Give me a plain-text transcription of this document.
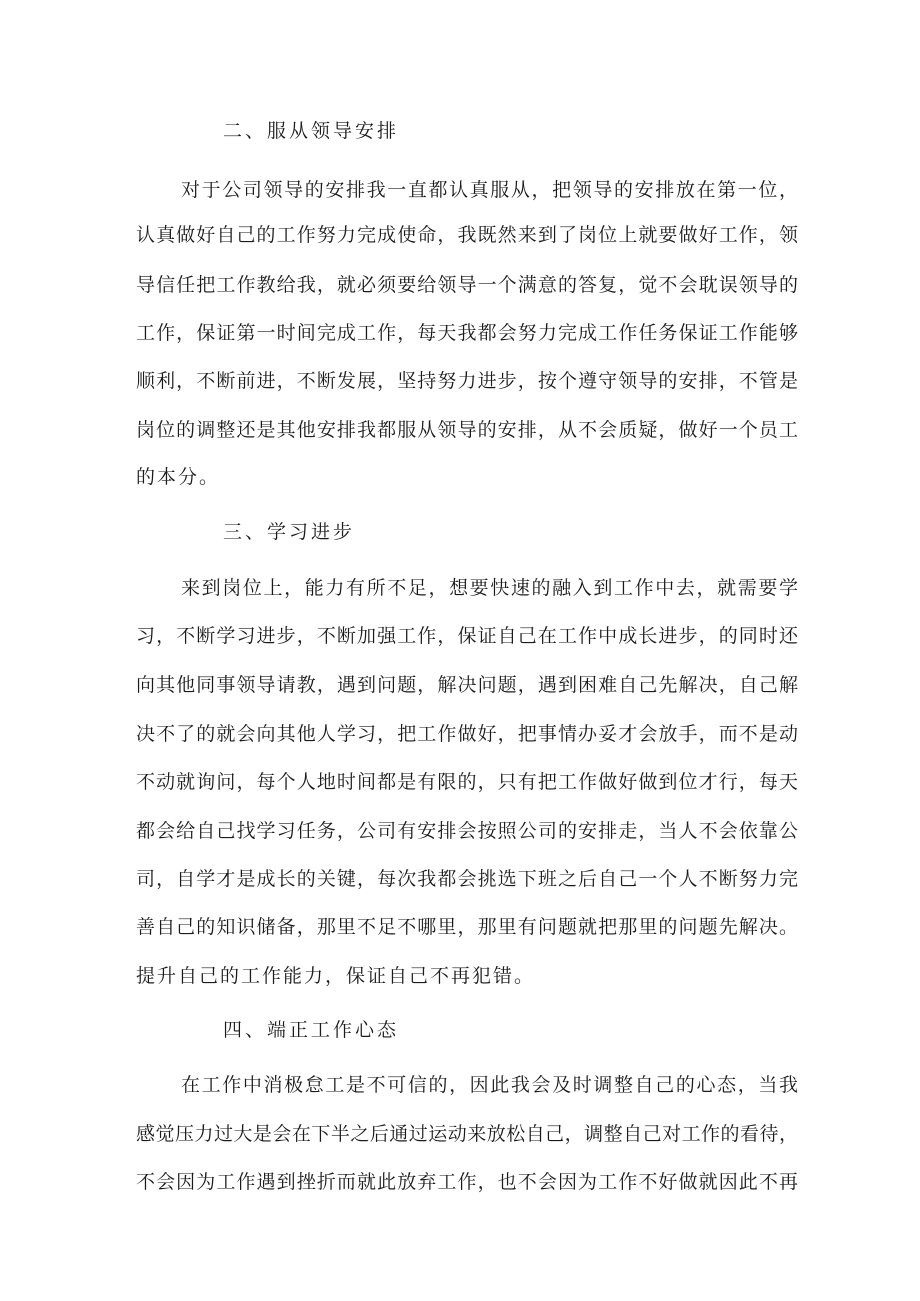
二、服从领导安排
对于公司领导的安排我一直都认真服从，把领导的安排放在第一位，
认真做好自己的工作努力完成使命，我既然来到了岗位上就要做好工作，领
导信任把工作教给我，就必须要给领导一个满意的答复，觉不会耽误领导的
工作，保证第一时间完成工作，每天我都会努力完成工作任务保证工作能够
顺利，不断前进，不断发展，坚持努力进步，按个遵守领导的安排，不管是
岗位的调整还是其他安排我都服从领导的安排，从不会质疑，做好一个员工
的本分。
三、学习进步
来到岗位上，能力有所不足，想要快速的融入到工作中去，就需要学
习，不断学习进步，不断加强工作，保证自己在工作中成长进步，的同时还
向其他同事领导请教，遇到问题，解决问题，遇到困难自己先解决，自己解
决不了的就会向其他人学习，把工作做好，把事情办妥才会放手，而不是动
不动就询问，每个人地时间都是有限的，只有把工作做好做到位才行，每天
都会给自己找学习任务，公司有安排会按照公司的安排走，当人不会依靠公
司，自学才是成长的关键，每次我都会挑选下班之后自己一个人不断努力完
善自己的知识储备，那里不足不哪里，那里有问题就把那里的问题先解决。
提升自己的工作能力，保证自己不再犯错。
四、端正工作心态
在工作中消极怠工是不可信的，因此我会及时调整自己的心态，当我
感觉压力过大是会在下半之后通过运动来放松自己，调整自己对工作的看待，
不会因为工作遇到挫折而就此放弃工作，也不会因为工作不好做就因此不再
